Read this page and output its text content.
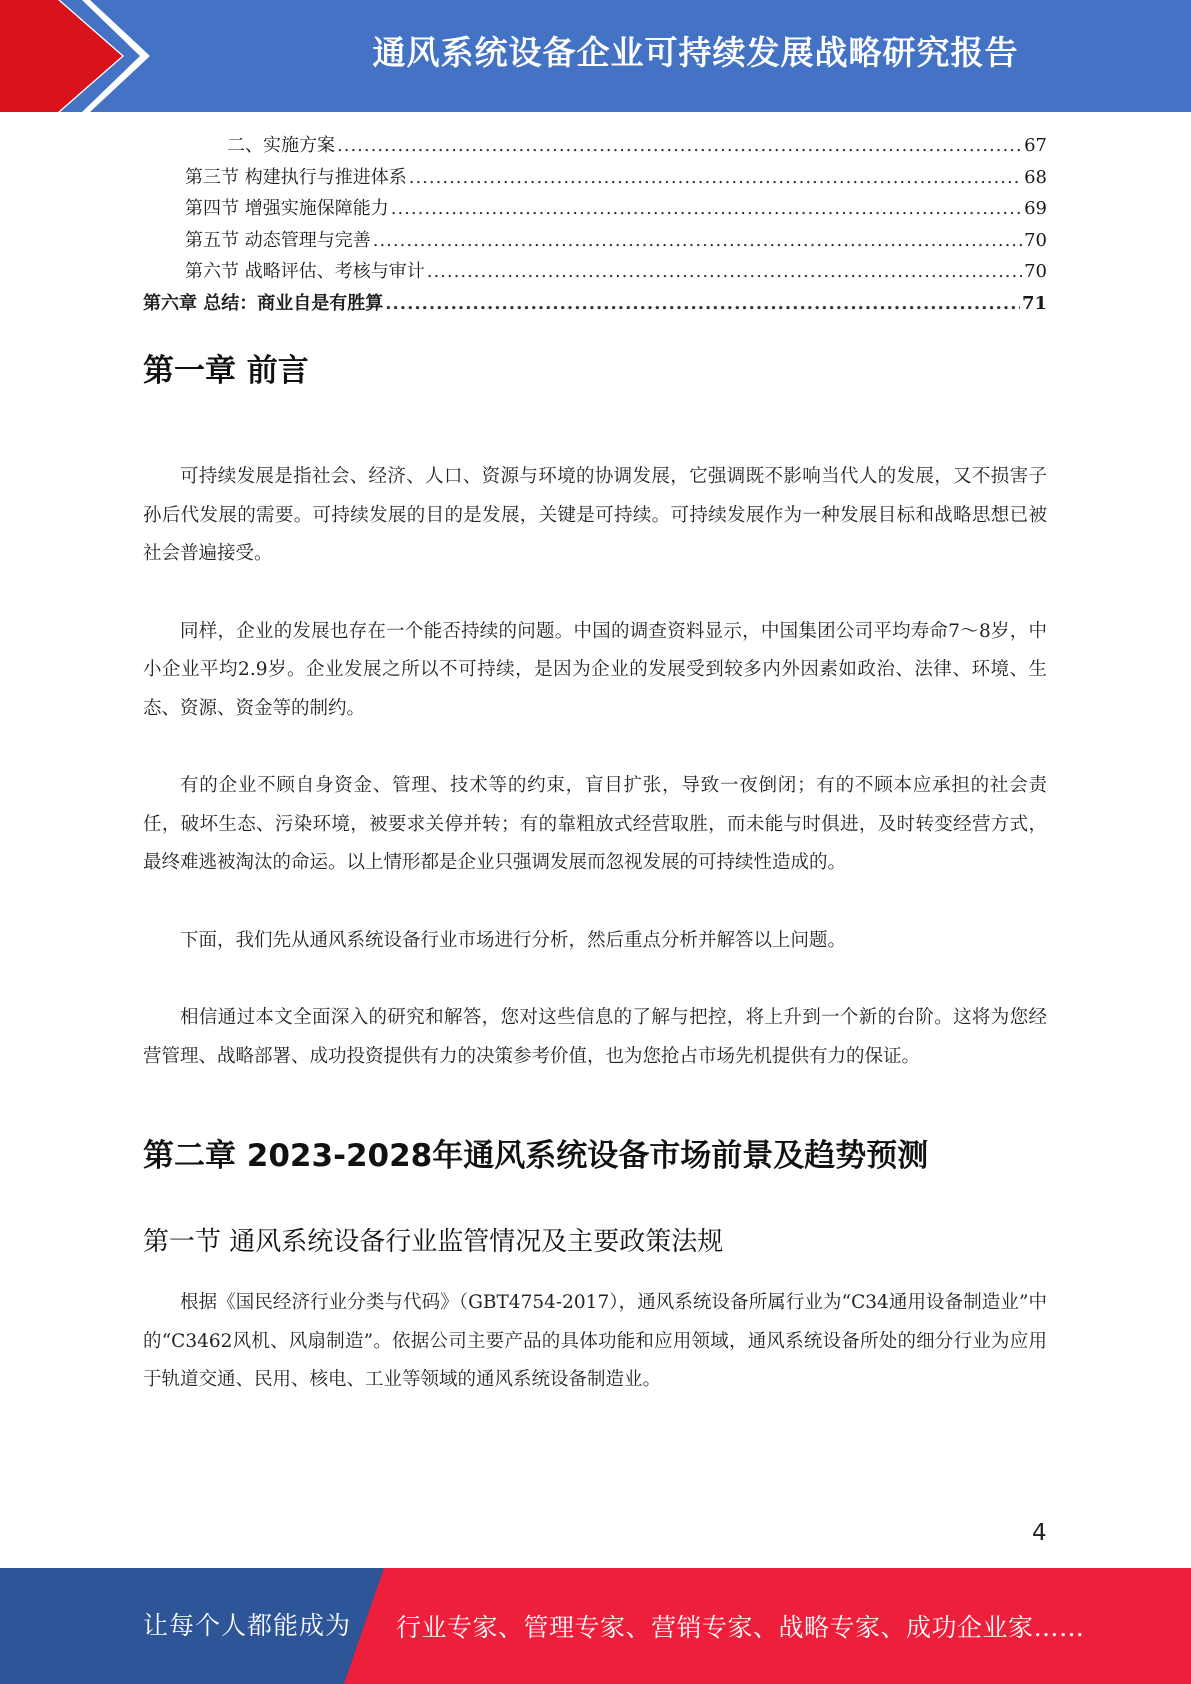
通风系统设备企业可持续发展战略研究报告
二、实施方案 .....	67
第三节 构建执行与推进体系 .....	68
第四节 增强实施保障能力 .....	69
第五节 动态管理与完善 .....	70
第六节 战略评估、考核与审计 .....	70
第六章 总结：商业自是有胜算 .....	71
第一章 前言

可持续发展是指社会、经济、人口、资源与环境的协调发展，它强调既不影响当代人的发展，又不损害子孙后代发展的需要。可持续发展的目的是发展，关键是可持续。可持续发展作为一种发展目标和战略思想已被社会普遍接受。

同样，企业的发展也存在一个能否持续的问题。中国的调查资料显示，中国集团公司平均寿命7～8岁，中小企业平均2.9岁。企业发展之所以不可持续，是因为企业的发展受到较多内外因素如政治、法律、环境、生态、资源、资金等的制约。

有的企业不顾自身资金、管理、技术等的约束，盲目扩张，导致一夜倒闭；有的不顾本应承担的社会责任，破坏生态、污染环境，被要求关停并转；有的靠粗放式经营取胜，而未能与时俱进，及时转变经营方式，最终难逃被淘汰的命运。以上情形都是企业只强调发展而忽视发展的可持续性造成的。

下面，我们先从通风系统设备行业市场进行分析，然后重点分析并解答以上问题。

相信通过本文全面深入的研究和解答，您对这些信息的了解与把控，将上升到一个新的台阶。这将为您经营管理、战略部署、成功投资提供有力的决策参考价值，也为您抢占市场先机提供有力的保证。

第二章 2023-2028年通风系统设备市场前景及趋势预测
第一节 通风系统设备行业监管情况及主要政策法规

根据《国民经济行业分类与代码》（GBT4754-2017），通风系统设备所属行业为“C34通用设备制造业”中的“C3462风机、风扇制造”。依据公司主要产品的具体功能和应用领域，通风系统设备所处的细分行业为应用于轨道交通、民用、核电、工业等领域的通风系统设备制造业。

4
让每个人都能成为 行业专家、管理专家、营销专家、战略专家、成功企业家……
